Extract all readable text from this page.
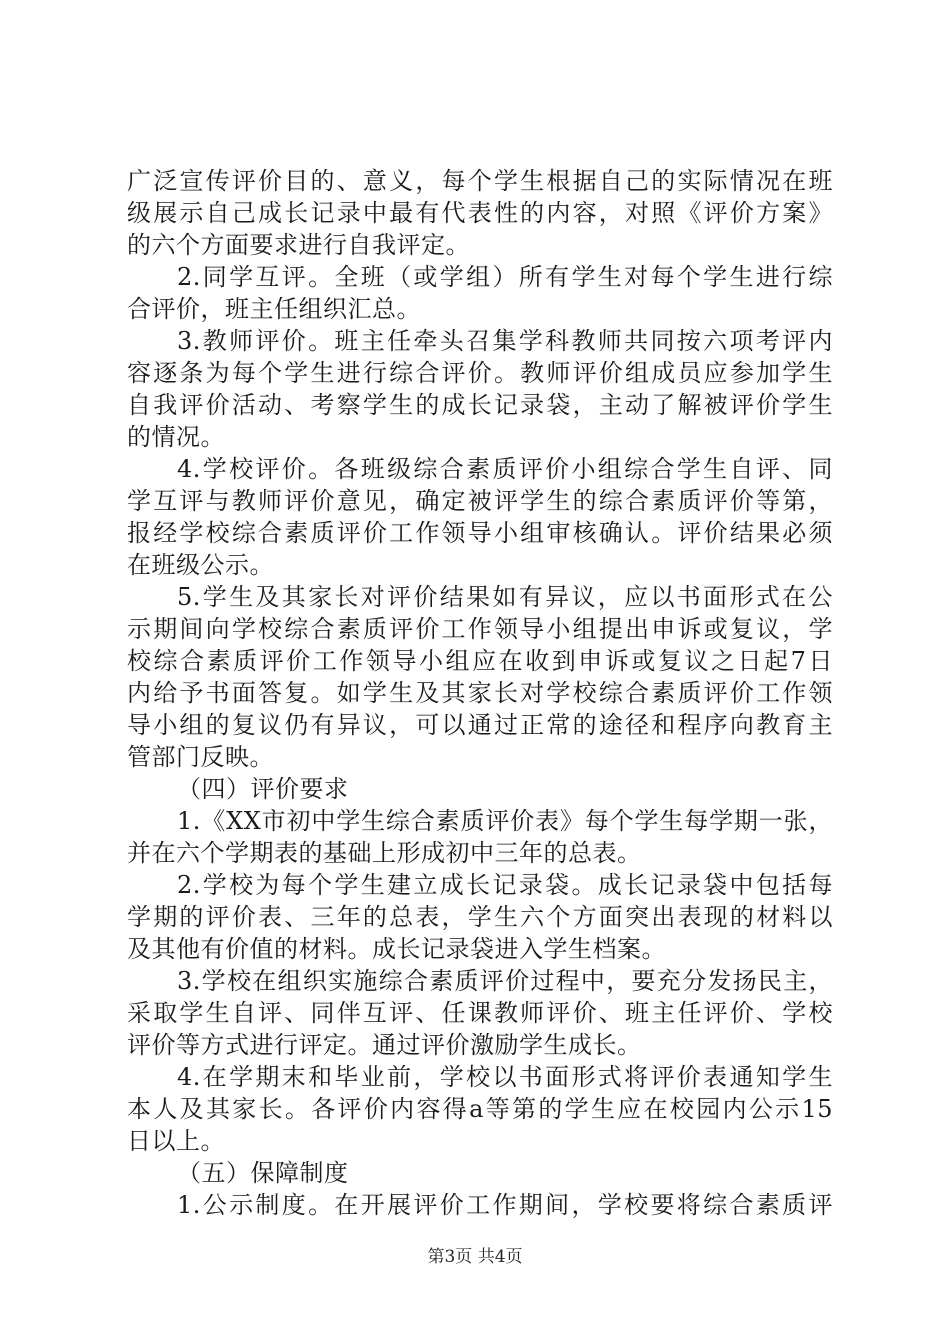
广泛宣传评价目的、意义，每个学生根据自己的实际情况在班
级展示自己成长记录中最有代表性的内容，对照《评价方案》
的六个方面要求进行自我评定。
2.同学互评。全班（或学组）所有学生对每个学生进行综
合评价，班主任组织汇总。
3.教师评价。班主任牵头召集学科教师共同按六项考评内
容逐条为每个学生进行综合评价。教师评价组成员应参加学生
自我评价活动、考察学生的成长记录袋，主动了解被评价学生
的情况。
4.学校评价。各班级综合素质评价小组综合学生自评、同
学互评与教师评价意见，确定被评学生的综合素质评价等第，
报经学校综合素质评价工作领导小组审核确认。评价结果必须
在班级公示。
5.学生及其家长对评价结果如有异议，应以书面形式在公
示期间向学校综合素质评价工作领导小组提出申诉或复议，学
校综合素质评价工作领导小组应在收到申诉或复议之日起7日
内给予书面答复。如学生及其家长对学校综合素质评价工作领
导小组的复议仍有异议，可以通过正常的途径和程序向教育主
管部门反映。
（四）评价要求
1.《XX市初中学生综合素质评价表》每个学生每学期一张，
并在六个学期表的基础上形成初中三年的总表。
2.学校为每个学生建立成长记录袋。成长记录袋中包括每
学期的评价表、三年的总表，学生六个方面突出表现的材料以
及其他有价值的材料。成长记录袋进入学生档案。
3.学校在组织实施综合素质评价过程中，要充分发扬民主，
采取学生自评、同伴互评、任课教师评价、班主任评价、学校
评价等方式进行评定。通过评价激励学生成长。
4.在学期末和毕业前，学校以书面形式将评价表通知学生
本人及其家长。各评价内容得a等第的学生应在校园内公示15
日以上。
（五）保障制度
1.公示制度。在开展评价工作期间，学校要将综合素质评
第3页 共4页
